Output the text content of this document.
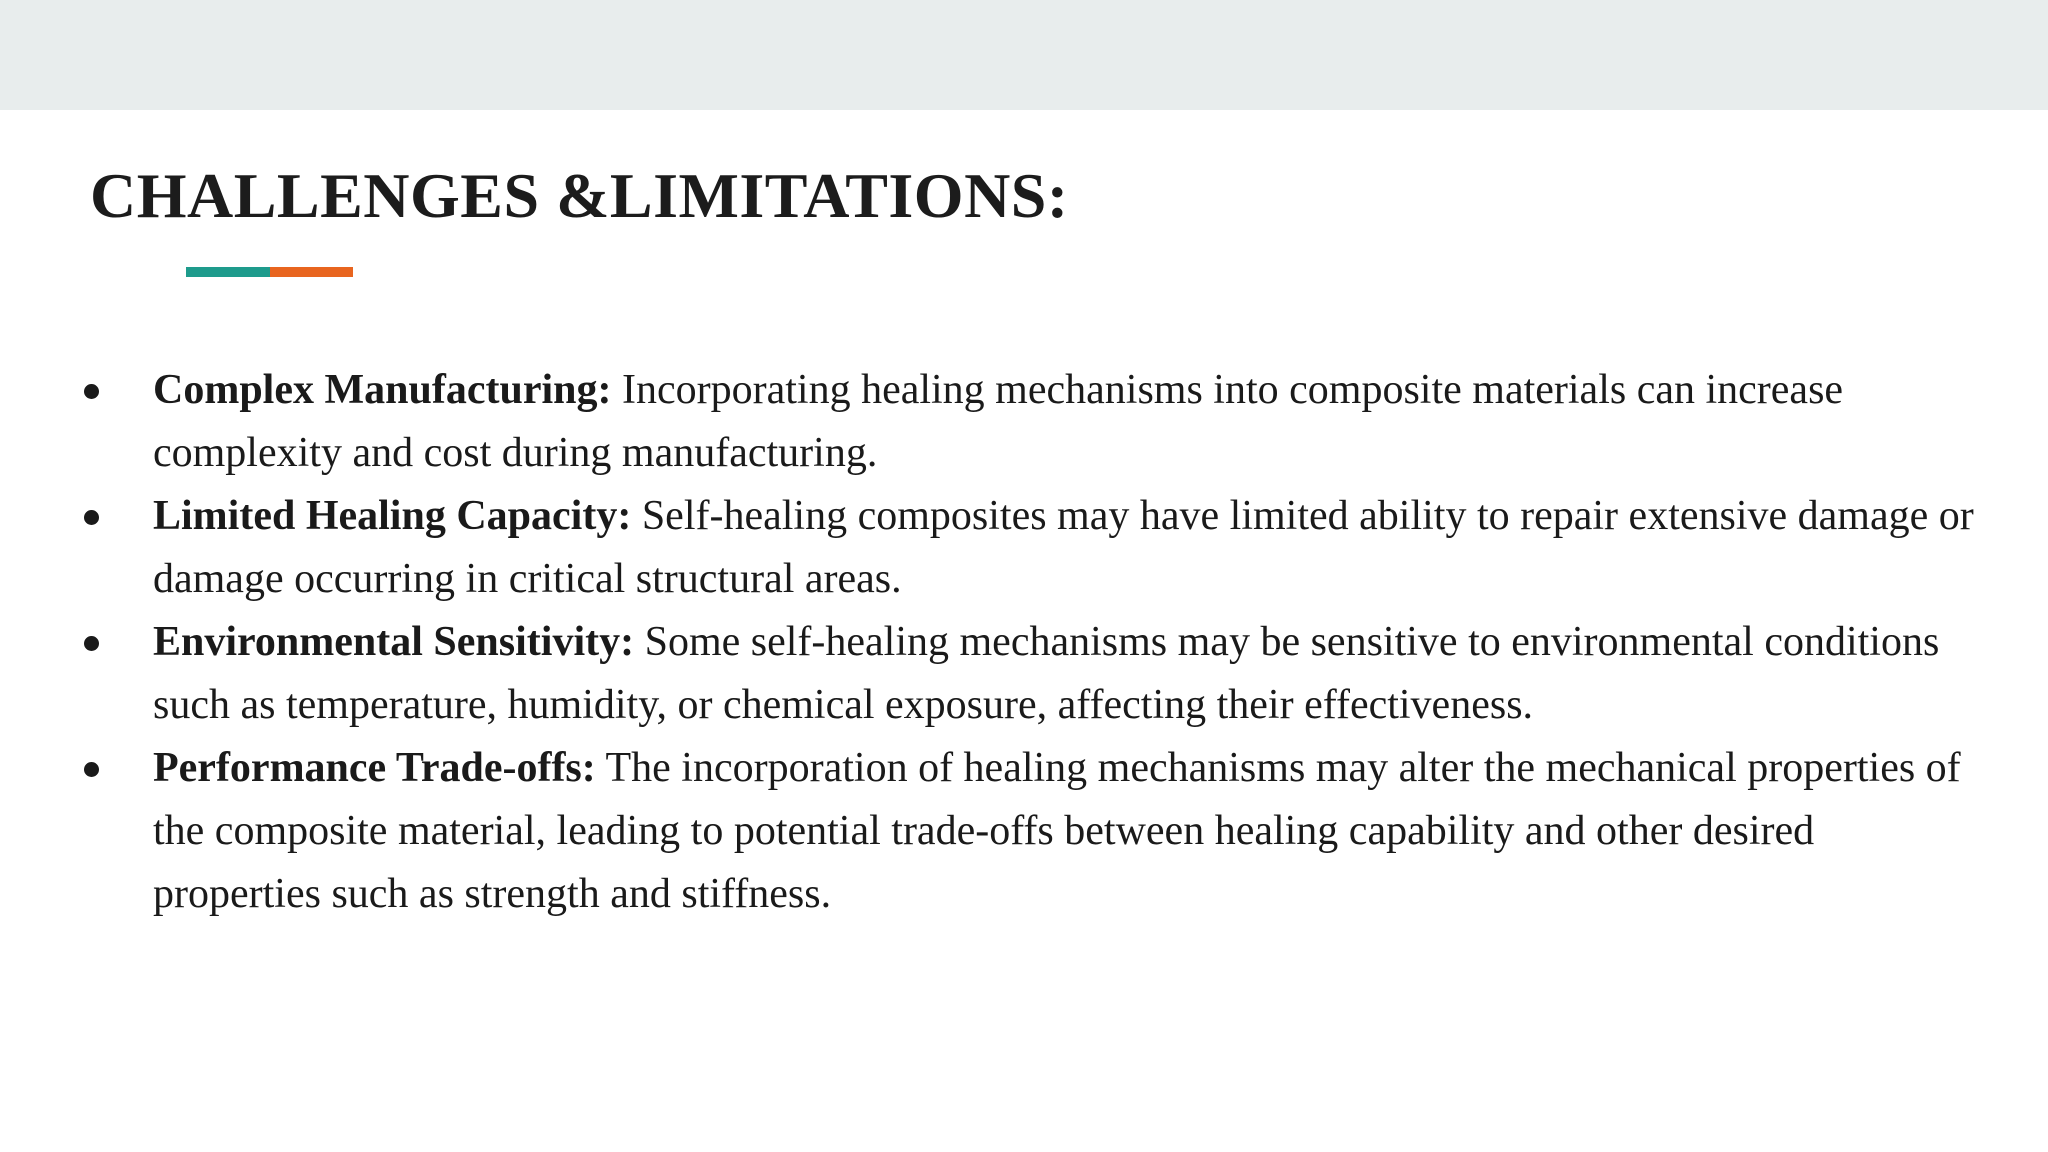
CHALLENGES &LIMITATIONS:
Complex Manufacturing: Incorporating healing mechanisms into composite materials can increase complexity and cost during manufacturing.
Limited Healing Capacity: Self-healing composites may have limited ability to repair extensive damage or damage occurring in critical structural areas.
Environmental Sensitivity: Some self-healing mechanisms may be sensitive to environmental conditions such as temperature, humidity, or chemical exposure, affecting their effectiveness.
Performance Trade-offs: The incorporation of healing mechanisms may alter the mechanical properties of the composite material, leading to potential trade-offs between healing capability and other desired properties such as strength and stiffness.
